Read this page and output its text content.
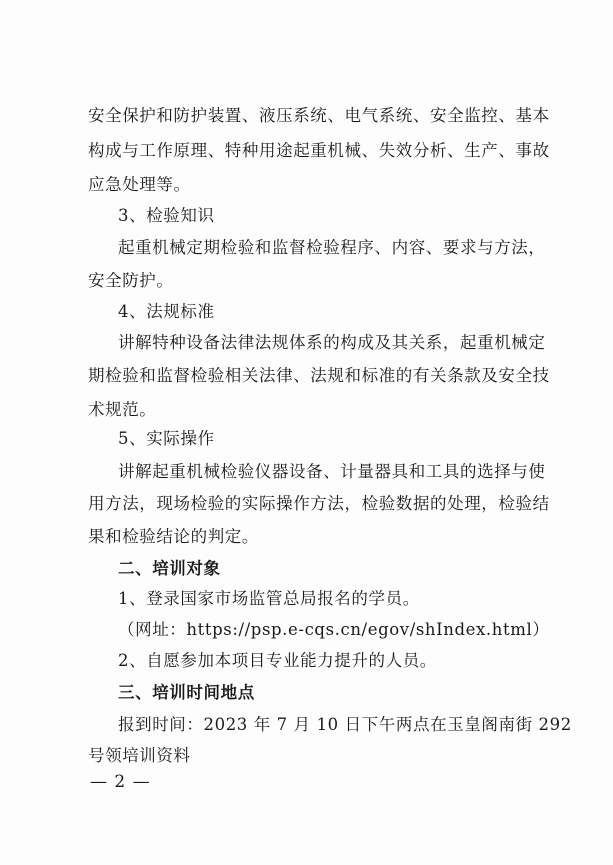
安全保护和防护装置、液压系统、电气系统、安全监控、基本
构成与工作原理、特种用途起重机械、失效分析、生产、事故
应急处理等。
3、检验知识
起重机械定期检验和监督检验程序、内容、要求与方法，
安全防护。
4、法规标准
讲解特种设备法律法规体系的构成及其关系，起重机械定
期检验和监督检验相关法律、法规和标准的有关条款及安全技
术规范。
5、实际操作
讲解起重机械检验仪器设备、计量器具和工具的选择与使
用方法，现场检验的实际操作方法，检验数据的处理，检验结
果和检验结论的判定。
二、培训对象
1、登录国家市场监管总局报名的学员。
（网址：https://psp.e-cqs.cn/egov/shIndex.html）
2、自愿参加本项目专业能力提升的人员。
三、培训时间地点
报到时间：2023 年 7 月 10 日下午两点在玉皇阁南街 292
号领培训资料
— 2 —
